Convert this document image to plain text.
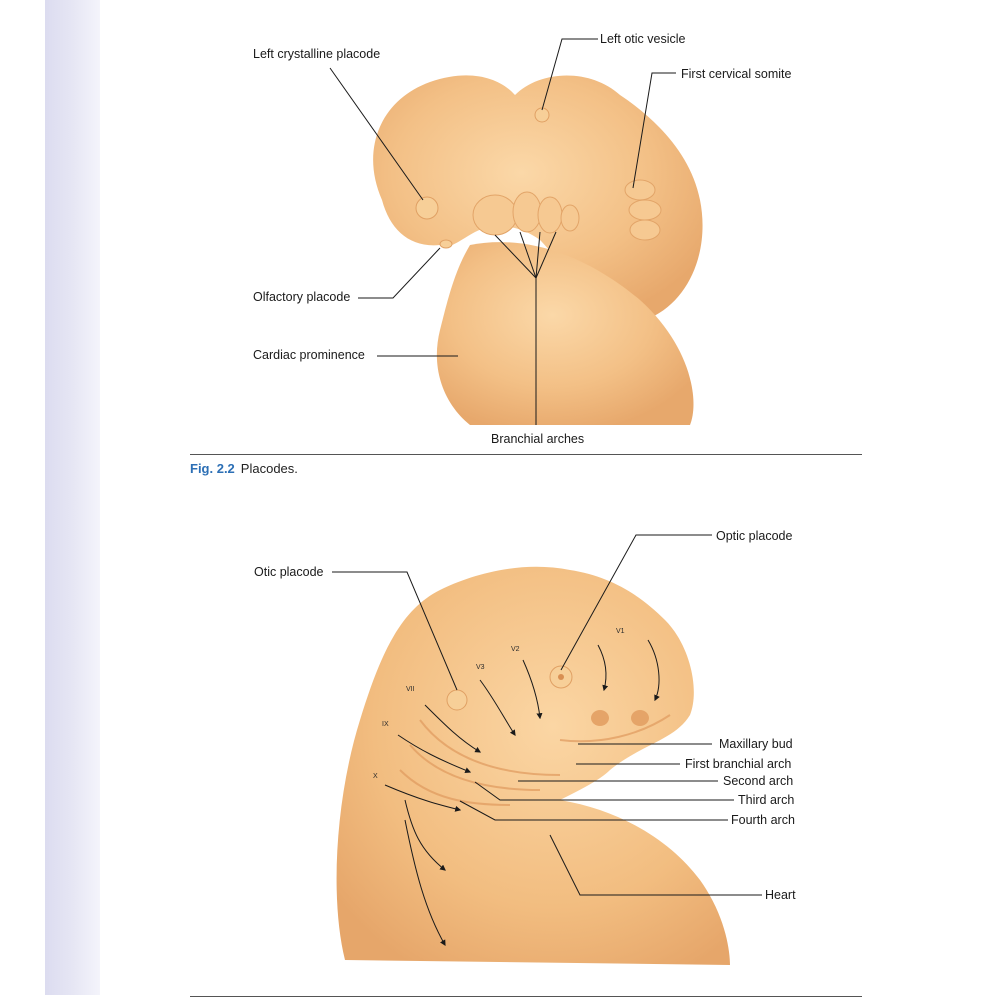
Left crystalline placode
Left otic vesicle
First cervical somite
Olfactory placode
Cardiac prominence
Branchial arches
Fig. 2.2 Placodes.
Otic placode
Optic placode
Maxillary bud
First branchial arch
Second arch
Third arch
Fourth arch
Heart
V1
V2
V3
VII
IX
X
